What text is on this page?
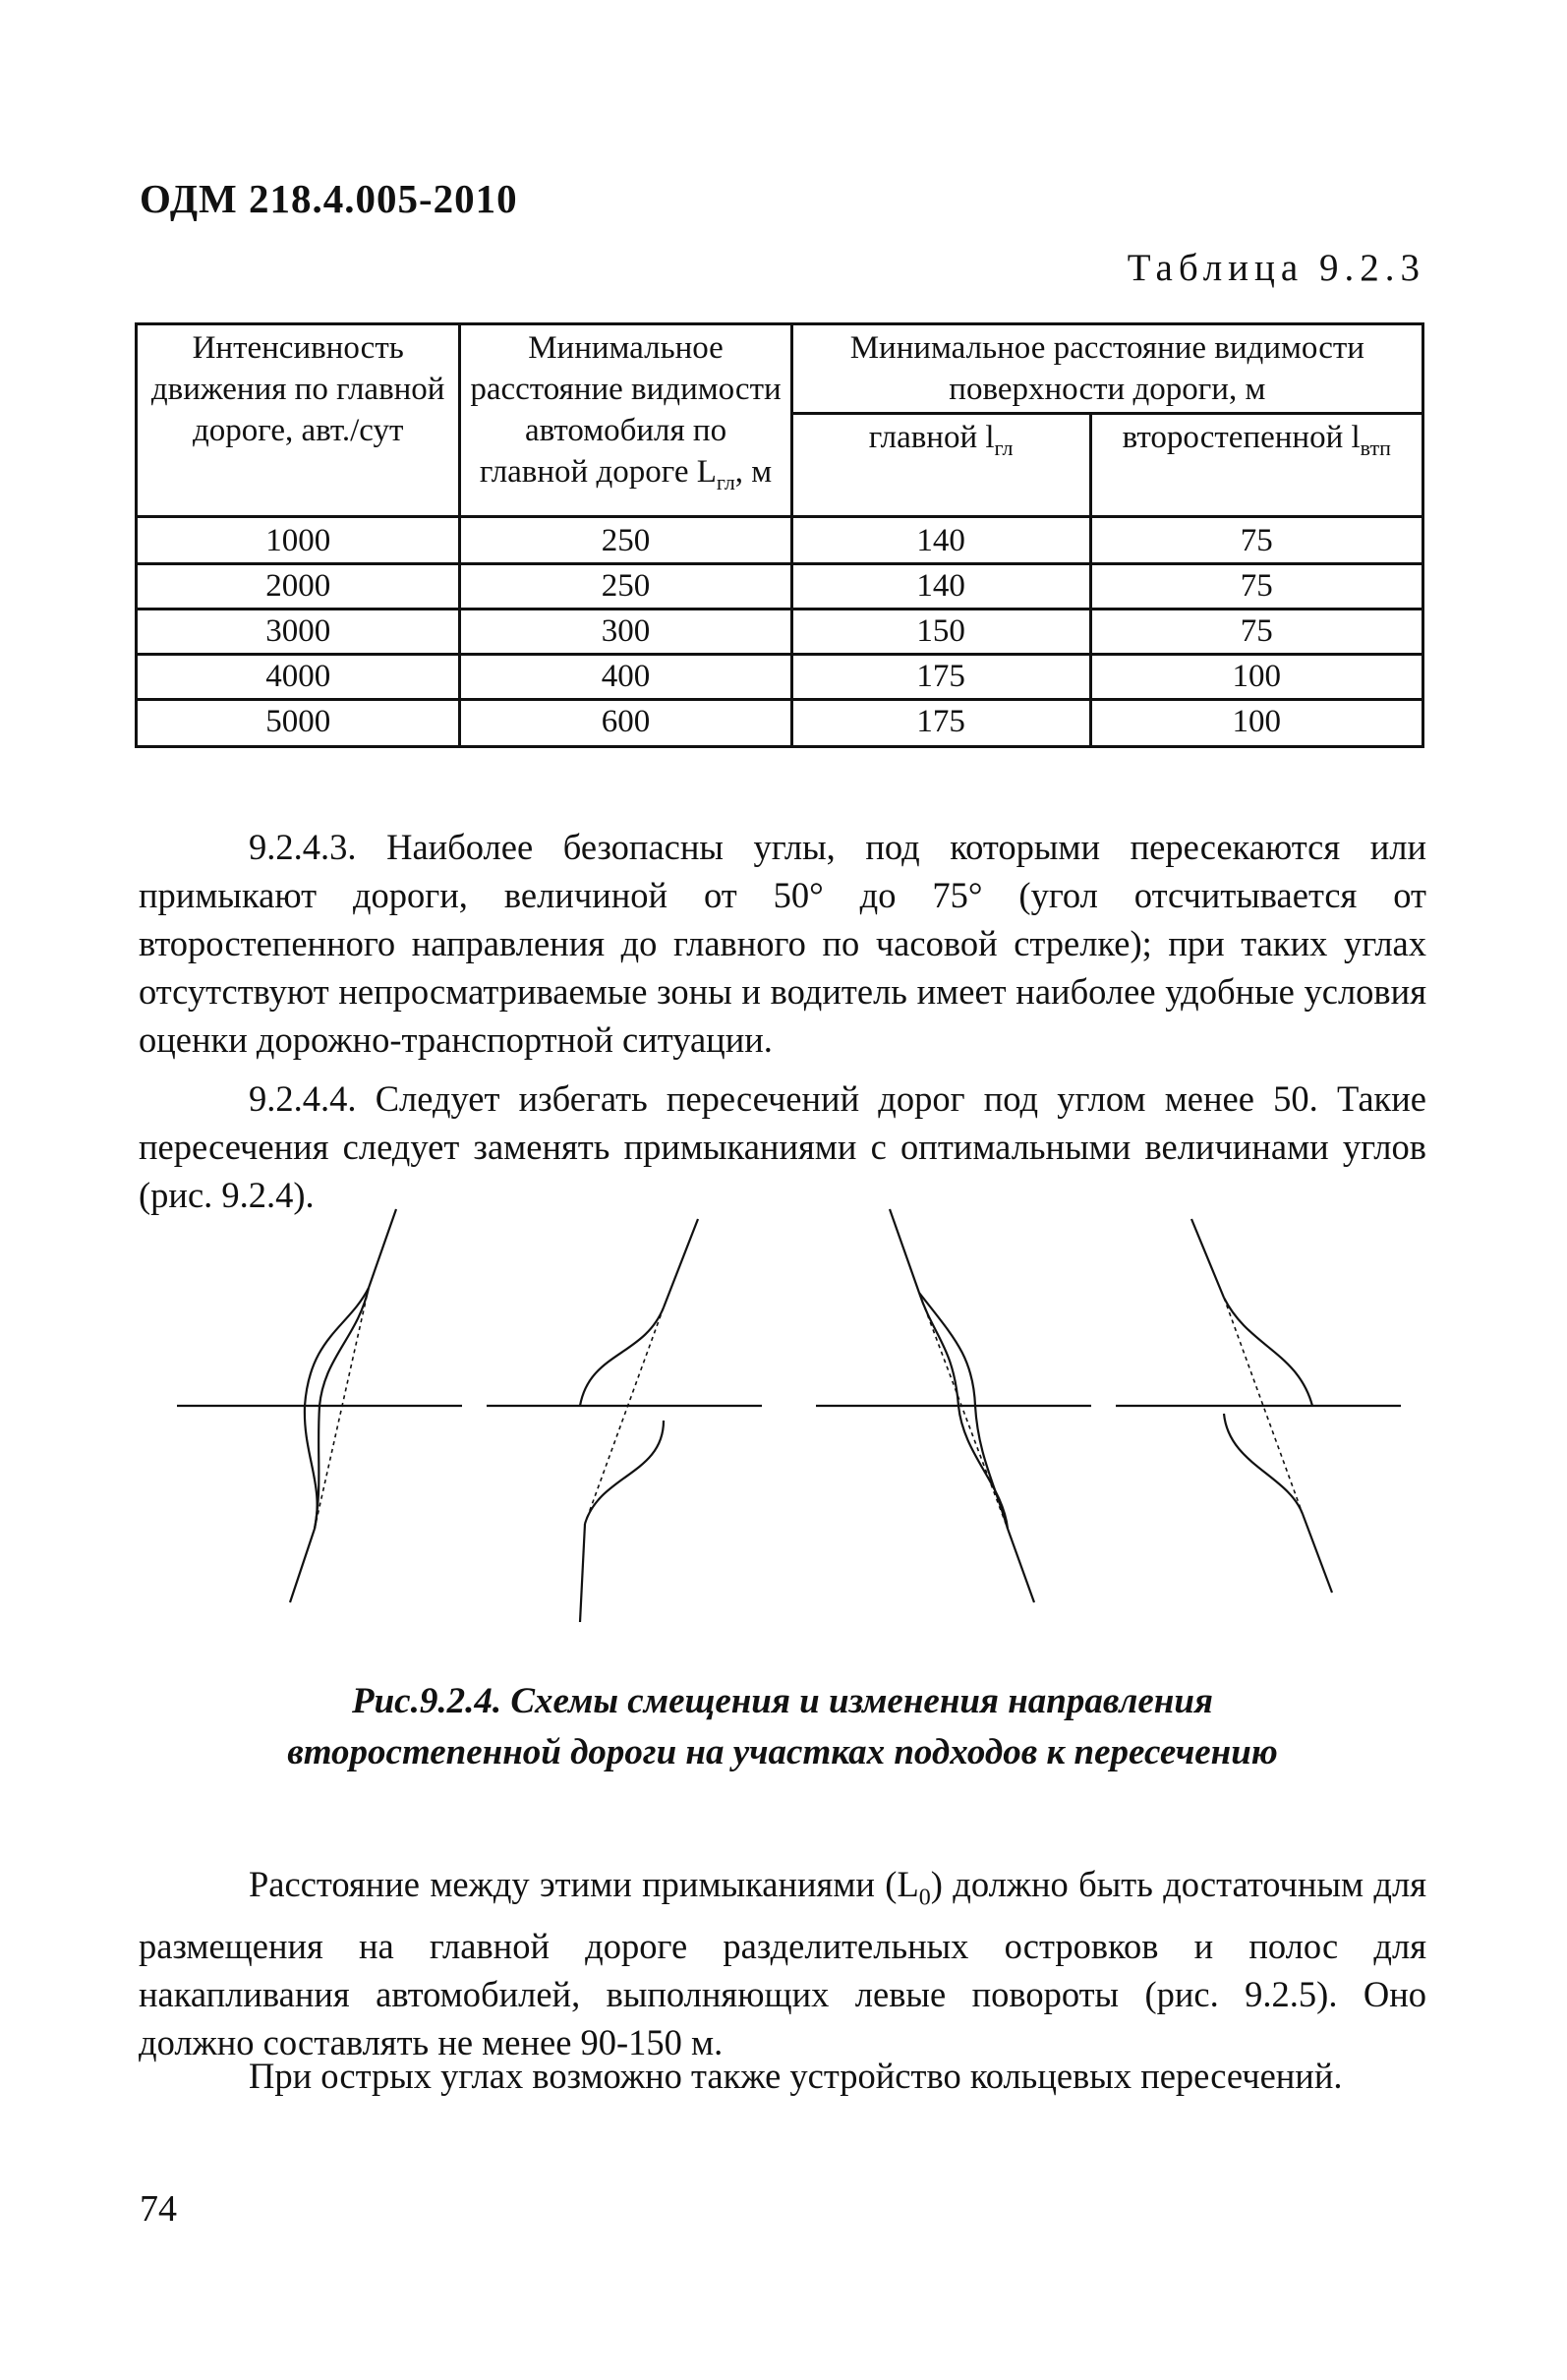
ОДМ 218.4.005-2010
Таблица 9.2.3
Интенсивность движения по главной дороге, авт./сут	Минимальное расстояние видимости автомобиля по главной дороге $L_{гл}$, м	Минимальное расстояние видимости поверхности дороги, м	
		главной $l_{гл}$	второстепенной $l_{втп}$
1000	250	140	75
2000	250	140	75
3000	300	150	75
4000	400	175	100
5000	600	175	100

9.2.4.3. Наиболее безопасны углы, под которыми пересекаются или примыкают дороги, величиной от 50° до 75° (угол отсчитывается от второстепенного направления до главного по часовой стрелке); при таких углах отсутствуют непросматриваемые зоны и водитель имеет наиболее удобные условия оценки дорожно-транспортной ситуации.

9.2.4.4. Следует избегать пересечений дорог под углом менее 50. Такие пересечения следует заменять примыканиями с оптимальными величинами углов (рис. 9.2.4).

Рис.9.2.4. Схемы смещения и изменения направления
второстепенной дороги на участках подходов к пересечению

Расстояние между этими примыканиями $(L_0)$ должно быть достаточным для размещения на главной дороге разделительных островков и полос для накапливания автомобилей, выполняющих левые повороты (рис. 9.2.5). Оно должно составлять не менее 90-150 м.

При острых углах возможно также устройство кольцевых пересечений.

74
